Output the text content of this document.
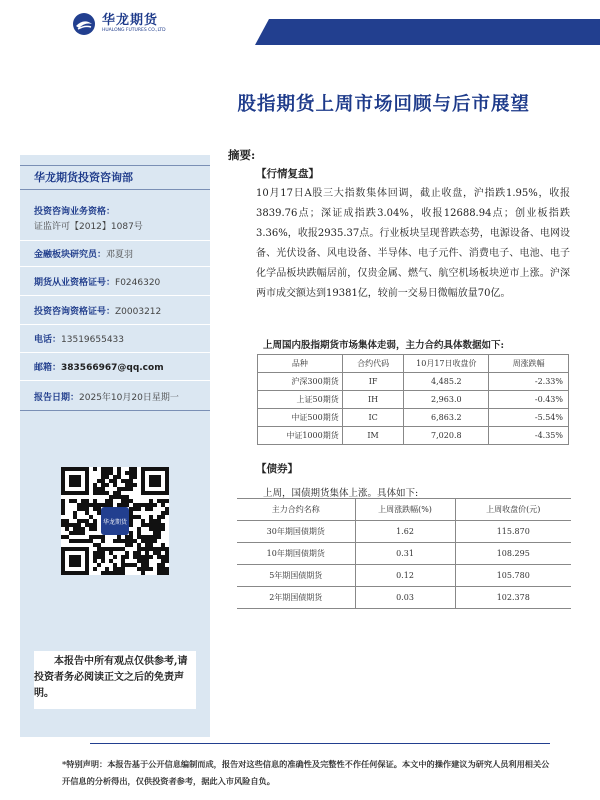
华龙期货
HUALONG FUTURES CO.,LTD
股指周报
股指期货上周市场回顾与后市展望
华龙期货投资咨询部
投资咨询业务资格：
证监许可【2012】1087号
金融板块研究员：邓夏羽
期货从业资格证号：F0246320
投资咨询资格证号：Z0003212
电话：13519655433
邮箱：383566967@qq.com
报告日期：2025年10月20日星期一
华龙期货
本报告中所有观点仅供参考,请投资者务必阅读正文之后的免责声明。
摘要:
【行情复盘】
10月17日A股三大指数集体回调，截止收盘，沪指跌1.95%，收报3839.76点；深证成指跌3.04%，收报12688.94点；创业板指跌3.36%，收报2935.37点。行业板块呈现普跌态势，电源设备、电网设备、光伏设备、风电设备、半导体、电子元件、消费电子、电池、电子化学品板块跌幅居前，仅贵金属、燃气、航空机场板块逆市上涨。沪深两市成交额达到19381亿，较前一交易日微幅放量70亿。
上周国内股指期货市场集体走弱，主力合约具体数据如下:
品种	合约代码	10月17日收盘价	周涨跌幅
沪深300期货	IF	4,485.2	-2.33%
上证50期货	IH	2,963.0	-0.43%
中证500期货	IC	6,863.2	-5.54%
中证1000期货	IM	7,020.8	-4.35%
【债券】
上周，国债期货集体上涨。具体如下:
主力合约名称	上周涨跌幅(%)	上周收盘价(元)
30年期国债期货	1.62	115.870
10年期国债期货	0.31	108.295
5年期国债期货	0.12	105.780
2年期国债期货	0.03	102.378
*特别声明：本报告基于公开信息编制而成，报告对这些信息的准确性及完整性不作任何保证。本文中的操作建议为研究人员利用相关公开信息的分析得出，仅供投资者参考，据此入市风险自负。
